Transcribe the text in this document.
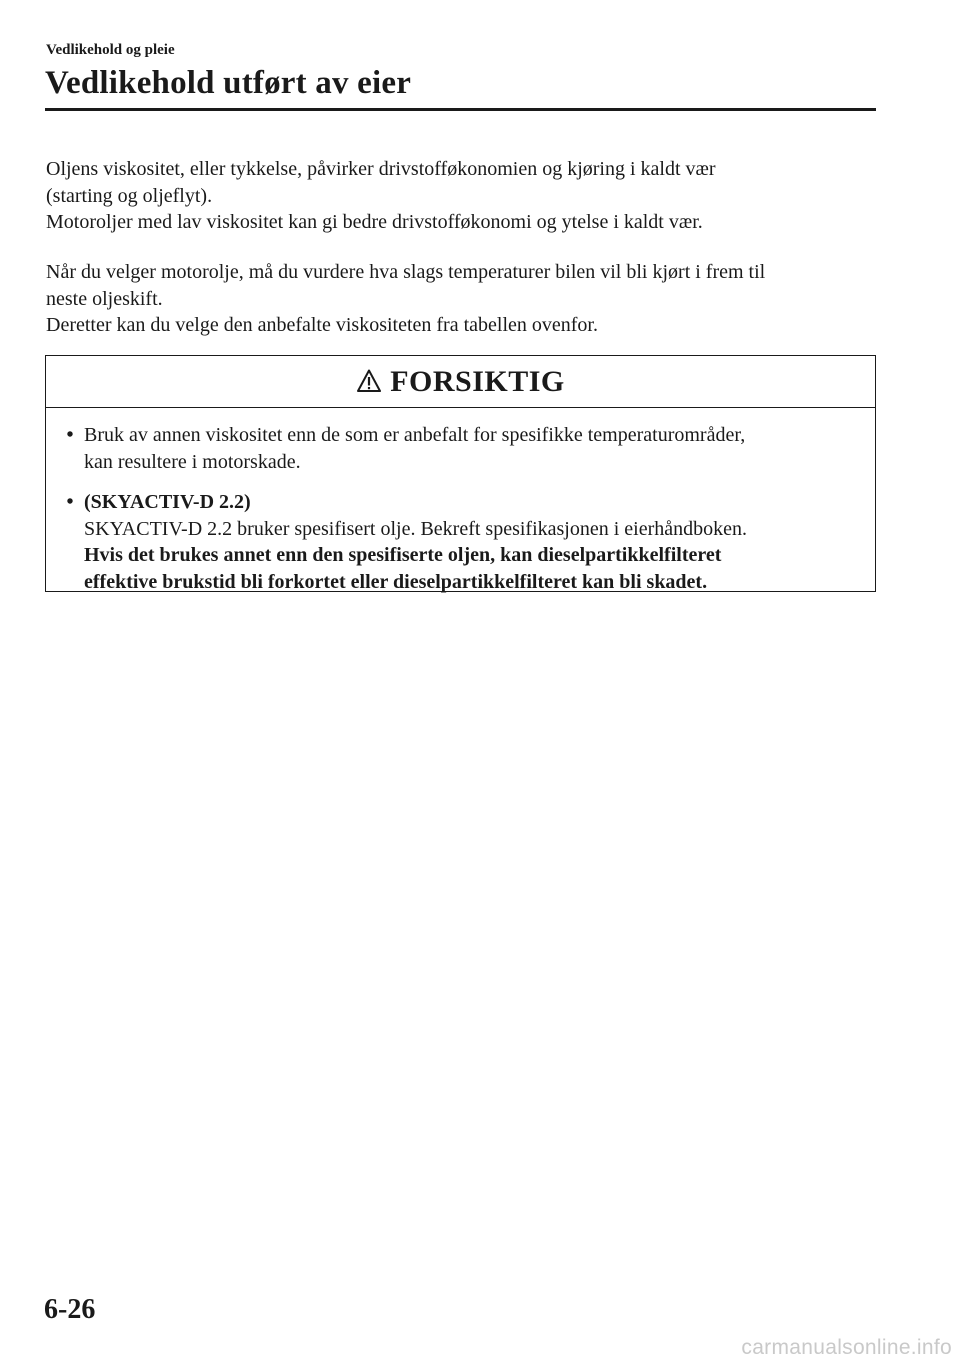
Vedlikehold og pleie
Vedlikehold utført av eier

Oljens viskositet, eller tykkelse, påvirker drivstofføkonomien og kjøring i kaldt vær

(starting og oljeflyt).

Motoroljer med lav viskositet kan gi bedre drivstofføkonomi og ytelse i kaldt vær.

Når du velger motorolje, må du vurdere hva slags temperaturer bilen vil bli kjørt i frem til

neste oljeskift.

Deretter kan du velge den anbefalte viskositeten fra tabellen ovenfor.

FORSIKTIG
• Bruk av annen viskositet enn de som er anbefalt for spesifikke temperaturområder,
kan resultere i motorskade.
• (SKYACTIV-D 2.2)
SKYACTIV-D 2.2 bruker spesifisert olje. Bekreft spesifikasjonen i eierhåndboken.
Hvis det brukes annet enn den spesifiserte oljen, kan dieselpartikkelfilteret
effektive brukstid bli forkortet eller dieselpartikkelfilteret kan bli skadet.
6-26
carmanualsonline.info
